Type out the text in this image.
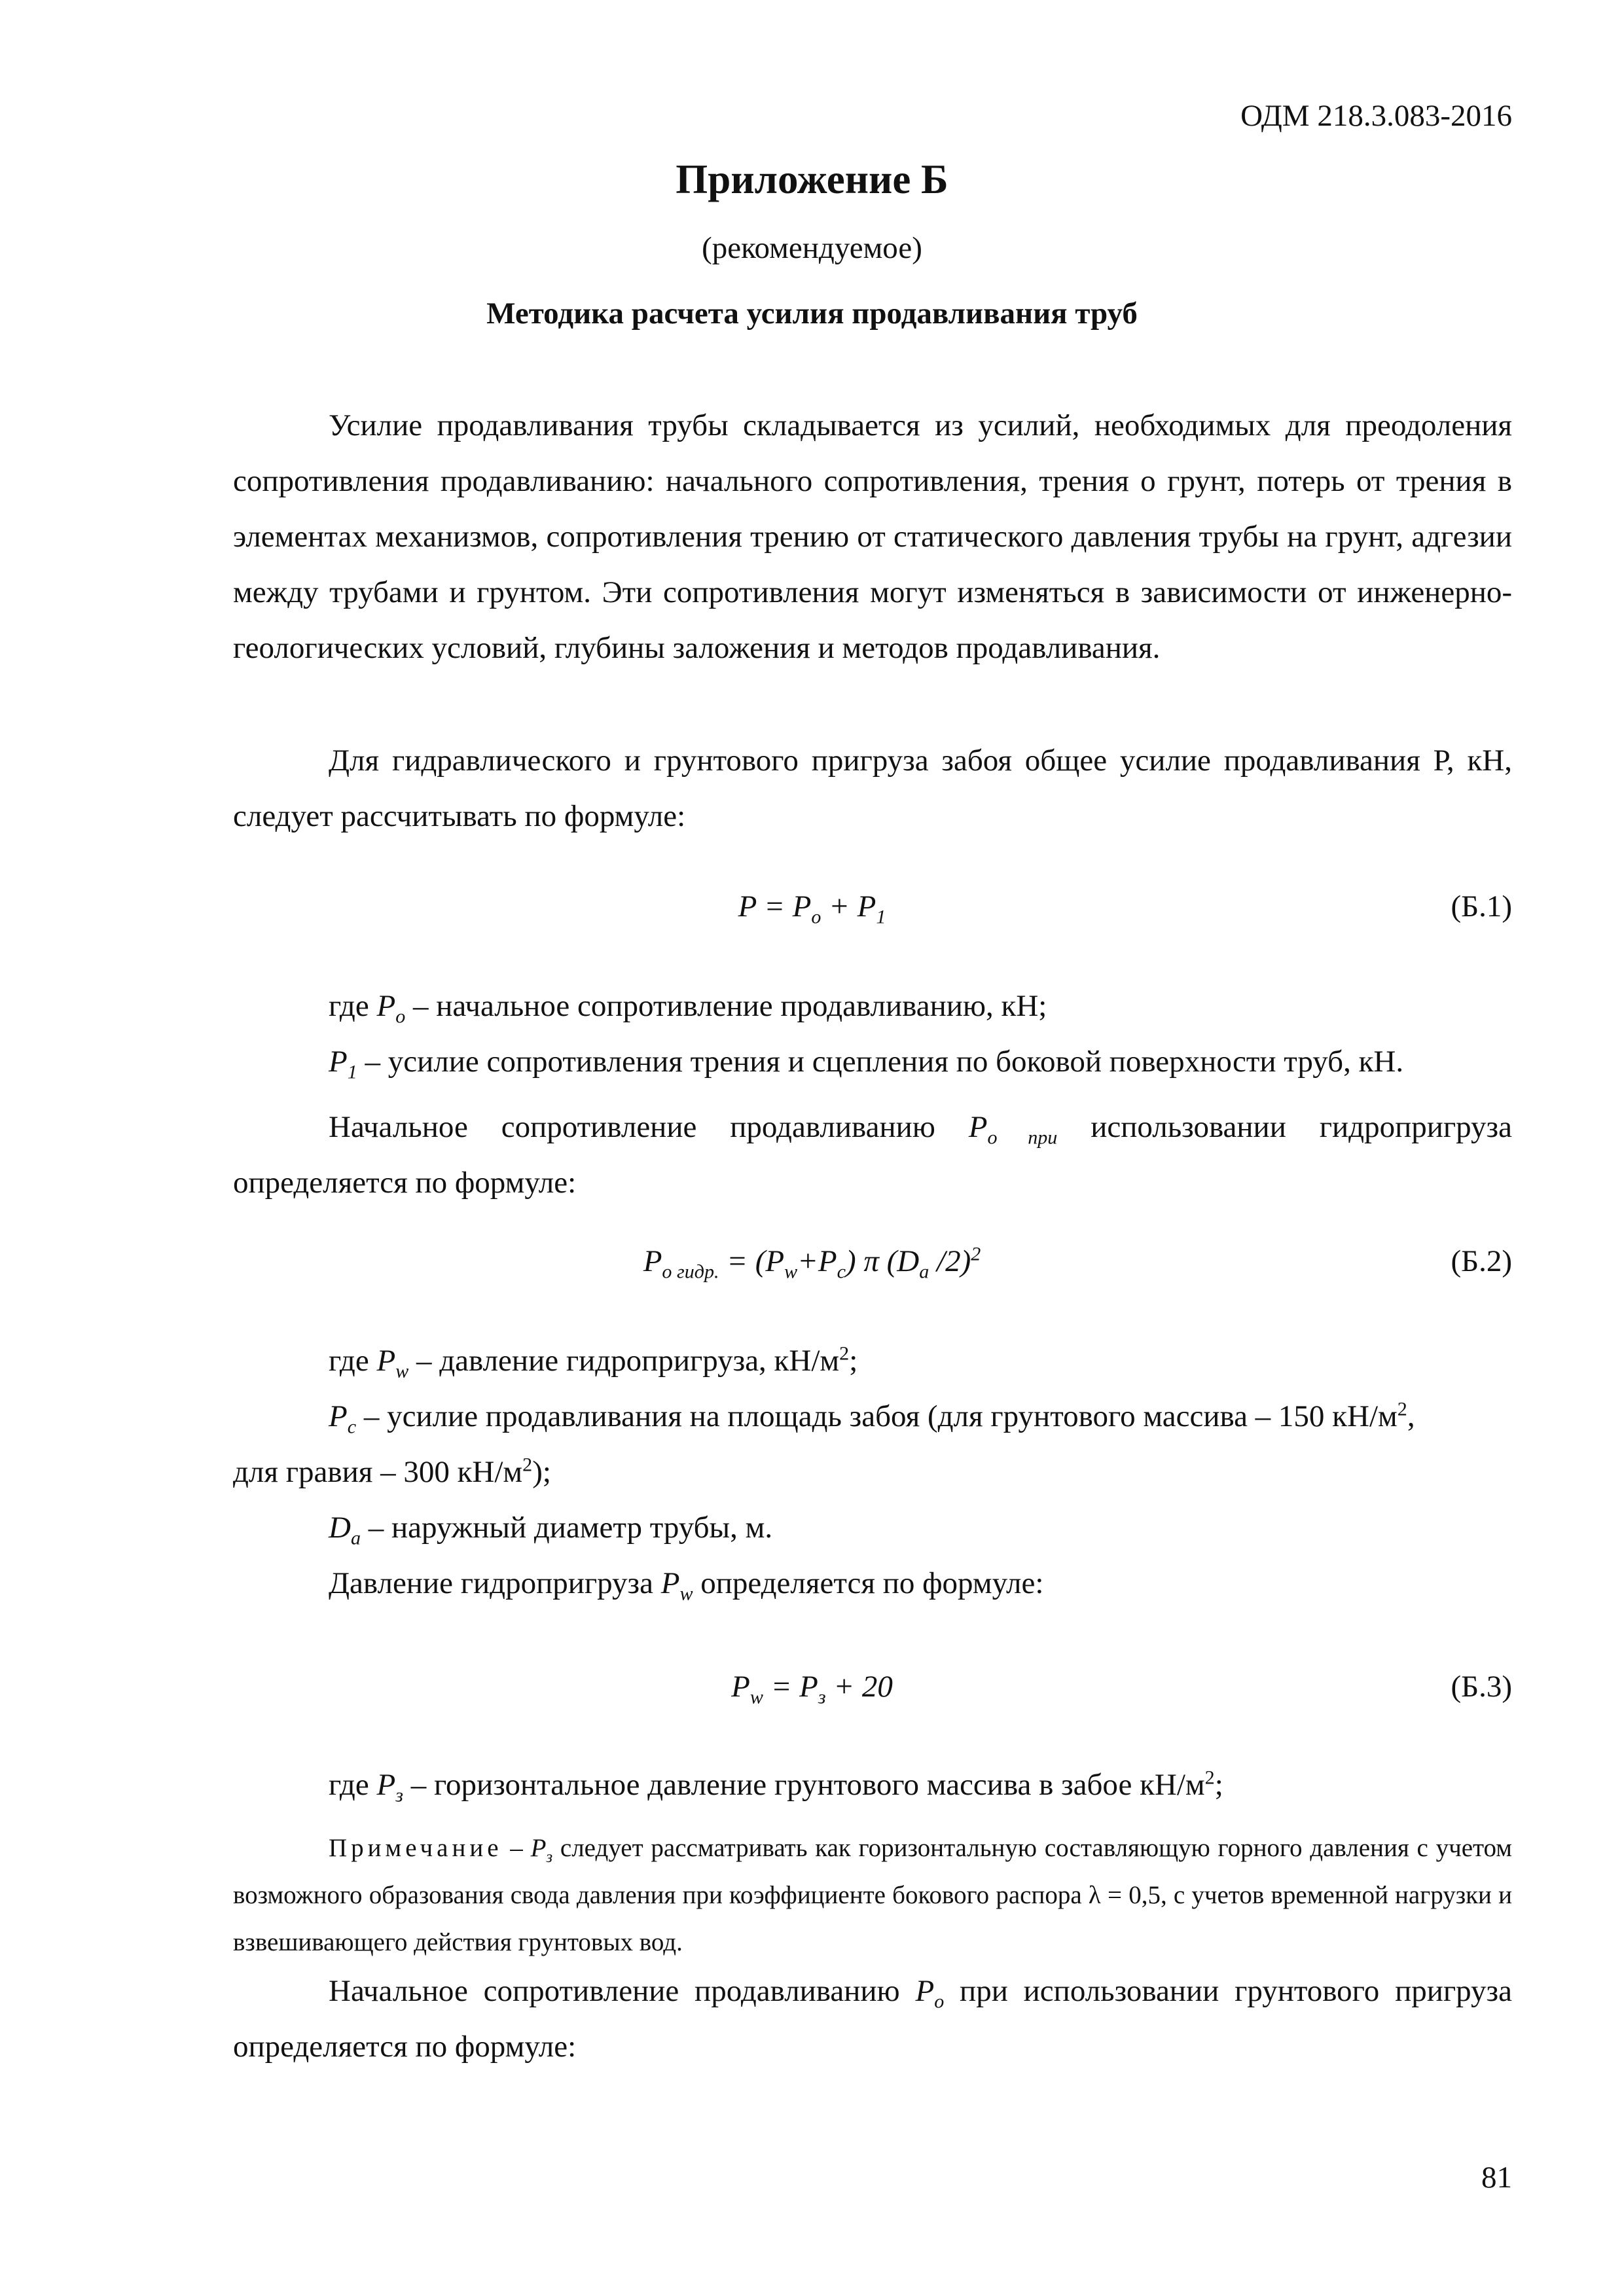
ОДМ 218.3.083-2016
Приложение Б
(рекомендуемое)
Методика расчета усилия продавливания труб
Усилие продавливания трубы складывается из усилий, необходимых для преодоления сопротивления продавливанию: начального сопротивления, трения о грунт, потерь от трения в элементах механизмов, сопротивления трению от статического давления трубы на грунт, адгезии между трубами и грунтом. Эти сопротивления могут изменяться в зависимости от инженерно-геологических условий, глубины заложения и методов продавливания.
Для гидравлического и грунтового пригруза забоя общее усилие продавливания Р, кН, следует рассчитывать по формуле:
$P = P_o + P_1$	(Б.1)
где $P_o$ – начальное сопротивление продавливанию, кН;
$P_1$ – усилие сопротивления трения и сцепления по боковой поверхности труб, кН.
Начальное сопротивление продавливанию $P_{o при}$ использовании гидропригруза определяется по формуле:
$P_{o гидр.} = (P_w+P_c)$ π ($D_a$ /2)$^2$	(Б.2)
где $P_w$ – давление гидропригруза, $кН/м^2$;
$P_c$ – усилие продавливания на площадь забоя (для грунтового массива – 150 $кН/м^2$,
для гравия – 300 $кН/м^2$);
$D_a$ – наружный диаметр трубы, м.
Давление гидропригруза $P_w$ определяется по формуле:
$P_w = P_з + 20$	(Б.3)
где $P_з$ – горизонтальное давление грунтового массива в забое $кН/м^2$;
Примечание – $P_з$ следует рассматривать как горизонтальную составляющую горного давления с учетом возможного образования свода давления при коэффициенте бокового распора λ = 0,5, с учетов временной нагрузки и взвешивающего действия грунтовых вод.
Начальное сопротивление продавливанию $P_o$ при использовании грунтового пригруза определяется по формуле:
81
